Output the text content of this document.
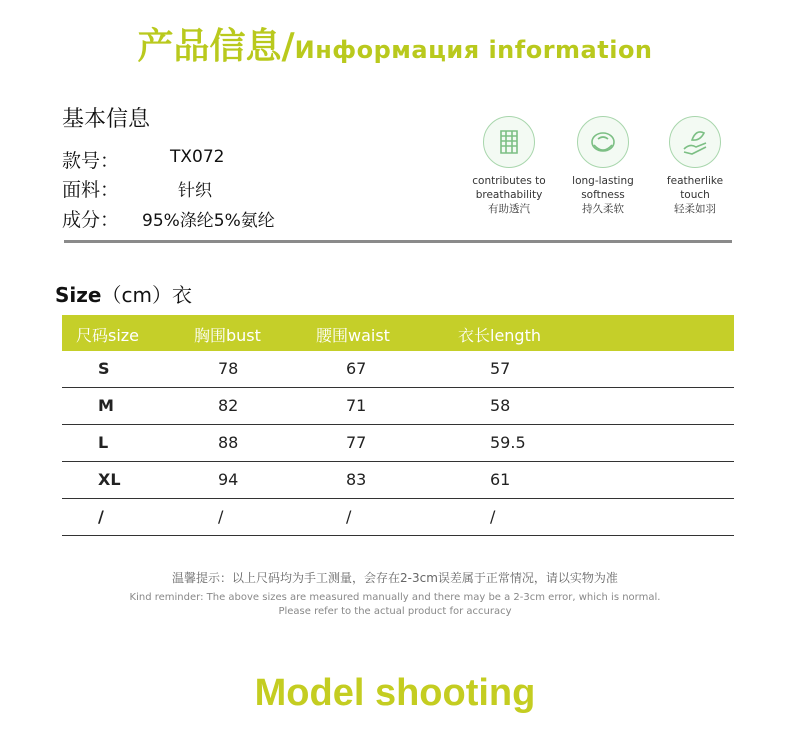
产品信息/Информация information
基本信息
款号：	TX072
面料：	针织
成分： 95%涤纶5%氨纶
contributes to
breathability
有助透汽
long-lasting
softness
持久柔软
featherlike
touch
轻柔如羽
Size（cm）衣
尺码size	胸围bust	腰围waist	衣长length
S	78	67	57
M	82	71	58
L	88	77	59.5
XL	94	83	61
/	/	/	/
温馨提示：以上尺码均为手工测量，会存在2-3cm误差属于正常情况，请以实物为准
Kind reminder: The above sizes are measured manually and there may be a 2-3cm error, which is normal.
Please refer to the actual product for accuracy
Model shooting
